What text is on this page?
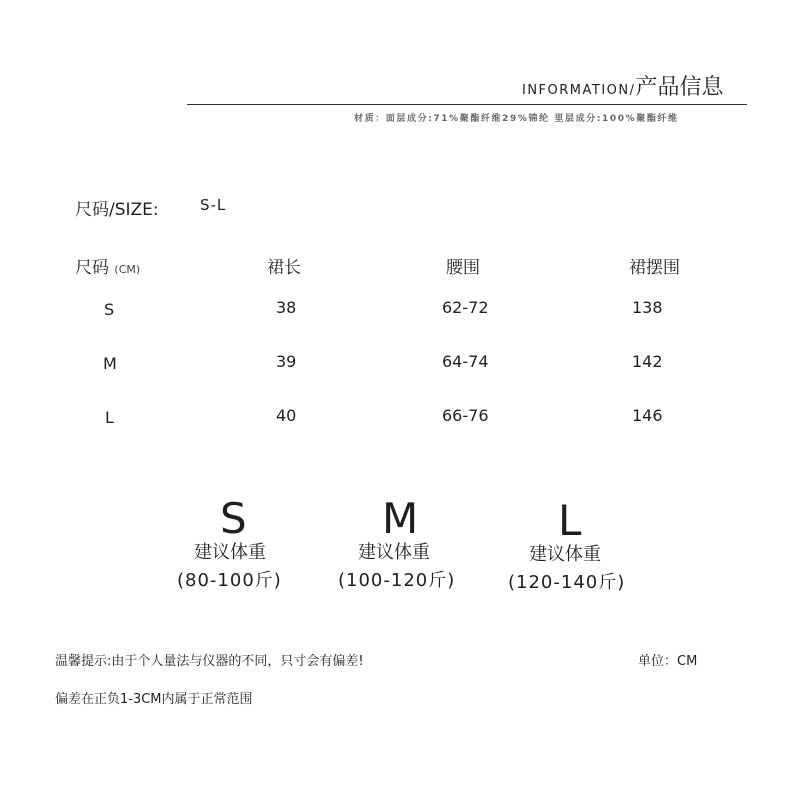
INFORMATION/产品信息
材质：面层成分:71%聚酯纤维29%锦纶 里层成分:100%聚酯纤维
尺码/SIZE:	S-L
尺码 (CM)	裙长	腰围	裙摆围
S	38	62-72	138
M	39	64-74	142
L	40	66-76	146
S
建议体重
(80-100斤)
M
建议体重
(100-120斤)
L
建议体重
(120-140斤)
温馨提示:由于个人量法与仪器的不同，只寸会有偏差!
偏差在正负1-3CM内属于正常范围
单位：CM
